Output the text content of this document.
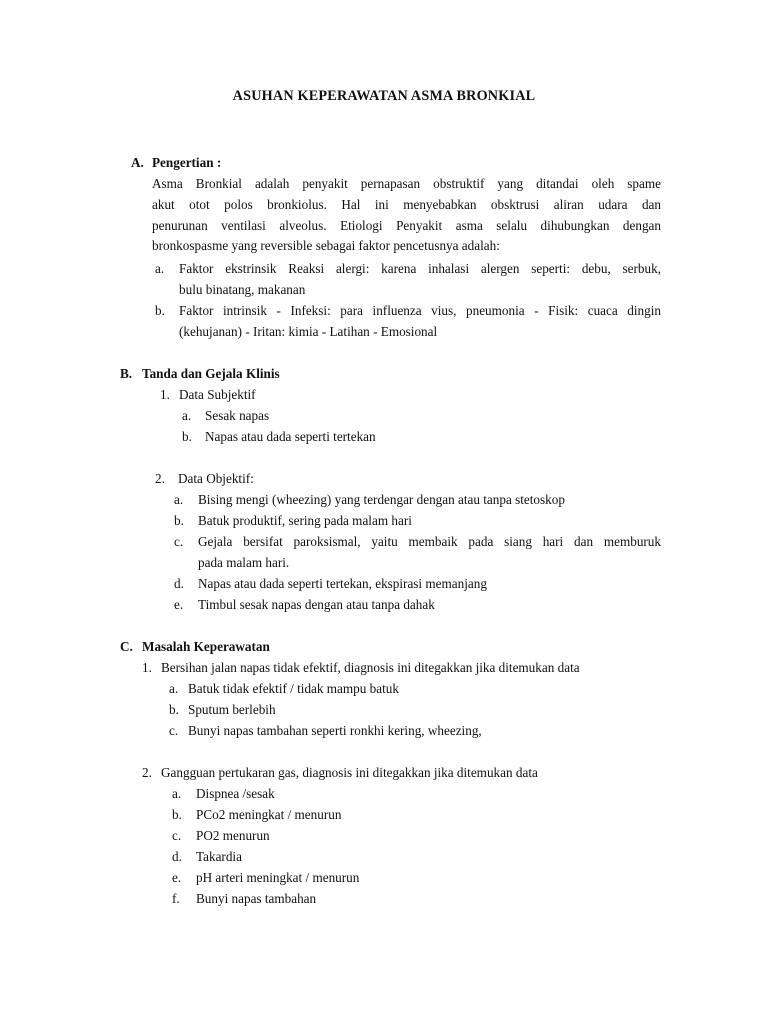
ASUHAN KEPERAWATAN ASMA BRONKIAL
A. Pengertian :
Asma Bronkial adalah penyakit pernapasan obstruktif yang ditandai oleh spame
akut otot polos bronkiolus. Hal ini menyebabkan obsktrusi aliran udara dan
penurunan ventilasi alveolus. Etiologi Penyakit asma selalu dihubungkan dengan
bronkospasme yang reversible sebagai faktor pencetusnya adalah:
a. Faktor ekstrinsik Reaksi alergi: karena inhalasi alergen seperti: debu, serbuk,
bulu binatang, makanan
b. Faktor intrinsik - Infeksi: para influenza vius, pneumonia - Fisik: cuaca dingin
(kehujanan) - Iritan: kimia - Latihan - Emosional
B. Tanda dan Gejala Klinis
1. Data Subjektif
a. Sesak napas
b. Napas atau dada seperti tertekan
2. Data Objektif:
a. Bising mengi (wheezing) yang terdengar dengan atau tanpa stetoskop
b. Batuk produktif, sering pada malam hari
c. Gejala bersifat paroksismal, yaitu membaik pada siang hari dan memburuk
pada malam hari.
d. Napas atau dada seperti tertekan, ekspirasi memanjang
e. Timbul sesak napas dengan atau tanpa dahak
C. Masalah Keperawatan
1. Bersihan jalan napas tidak efektif, diagnosis ini ditegakkan jika ditemukan data
a. Batuk tidak efektif / tidak mampu batuk
b. Sputum berlebih
c. Bunyi napas tambahan seperti ronkhi kering, wheezing,
2. Gangguan pertukaran gas, diagnosis ini ditegakkan jika ditemukan data
a. Dispnea /sesak
b. PCo2 meningkat / menurun
c. PO2 menurun
d. Takardia
e. pH arteri meningkat / menurun
f. Bunyi napas tambahan
